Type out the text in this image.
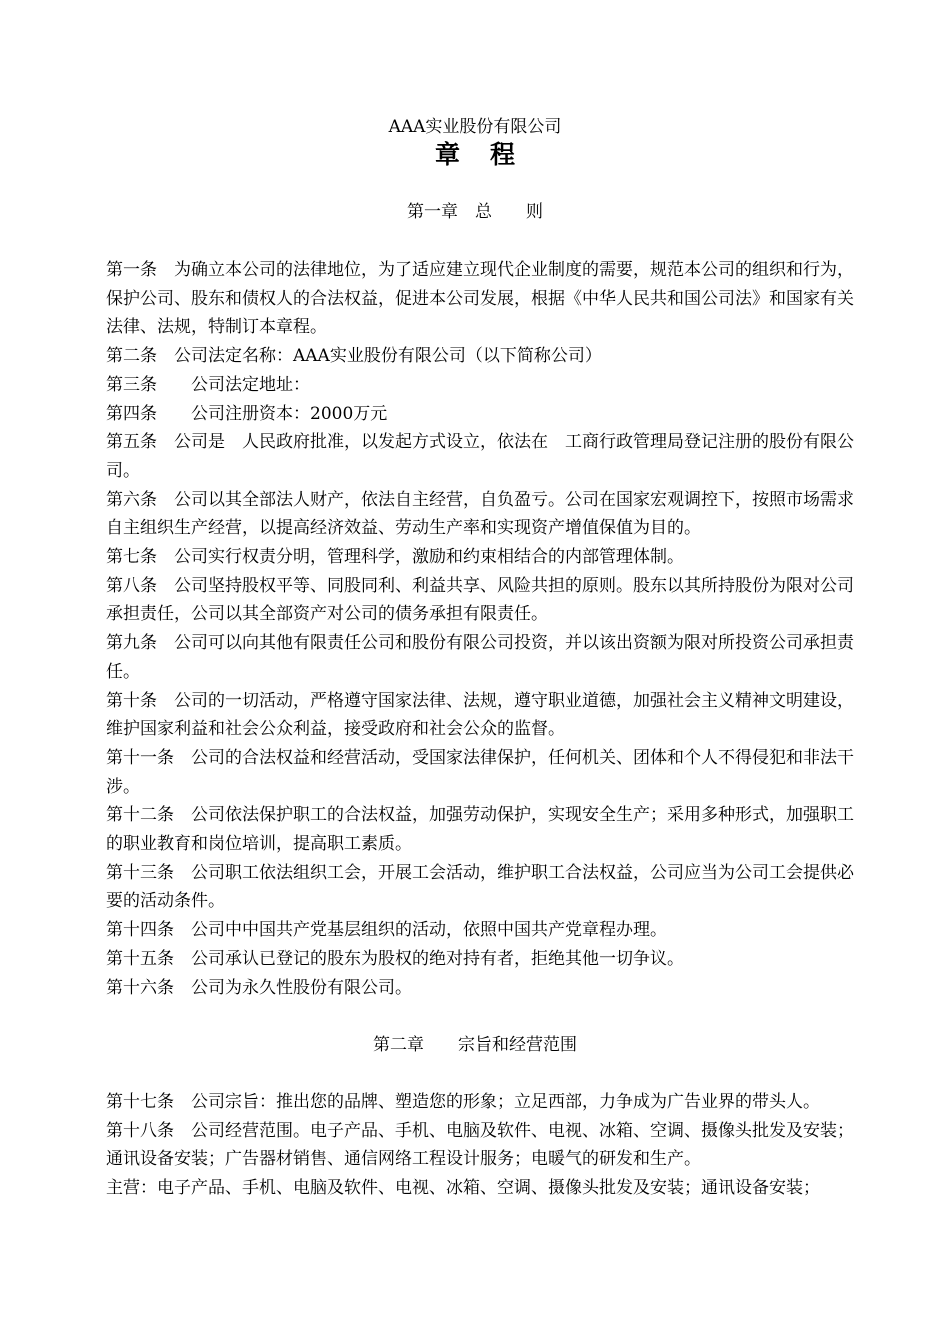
AAA实业股份有限公司
章程
第一章　总　　则

第一条　为确立本公司的法律地位，为了适应建立现代企业制度的需要，规范本公司的组织和行为，保护公司、股东和债权人的合法权益，促进本公司发展，根据《中华人民共和国公司法》和国家有关法律、法规，特制订本章程。

第二条　公司法定名称：AAA实业股份有限公司（以下简称公司）

第三条　　公司法定地址：

第四条　　公司注册资本：2000万元

第五条　公司是　人民政府批准，以发起方式设立，依法在　工商行政管理局登记注册的股份有限公司。

第六条　公司以其全部法人财产，依法自主经营，自负盈亏。公司在国家宏观调控下，按照市场需求自主组织生产经营，以提高经济效益、劳动生产率和实现资产增值保值为目的。

第七条　公司实行权责分明，管理科学，激励和约束相结合的内部管理体制。

第八条　公司坚持股权平等、同股同利、利益共享、风险共担的原则。股东以其所持股份为限对公司承担责任，公司以其全部资产对公司的债务承担有限责任。

第九条　公司可以向其他有限责任公司和股份有限公司投资，并以该出资额为限对所投资公司承担责任。

第十条　公司的一切活动，严格遵守国家法律、法规，遵守职业道德，加强社会主义精神文明建设，维护国家利益和社会公众利益，接受政府和社会公众的监督。

第十一条　公司的合法权益和经营活动，受国家法律保护，任何机关、团体和个人不得侵犯和非法干涉。

第十二条　公司依法保护职工的合法权益，加强劳动保护，实现安全生产；采用多种形式，加强职工的职业教育和岗位培训，提高职工素质。

第十三条　公司职工依法组织工会，开展工会活动，维护职工合法权益，公司应当为公司工会提供必要的活动条件。

第十四条　公司中中国共产党基层组织的活动，依照中国共产党章程办理。

第十五条　公司承认已登记的股东为股权的绝对持有者，拒绝其他一切争议。

第十六条　公司为永久性股份有限公司。

第二章　　宗旨和经营范围

第十七条　公司宗旨：推出您的品牌、塑造您的形象；立足西部，力争成为广告业界的带头人。

第十八条　公司经营范围。电子产品、手机、电脑及软件、电视、冰箱、空调、摄像头批发及安装；通讯设备安装；广告器材销售、通信网络工程设计服务；电暖气的研发和生产。

主营：电子产品、手机、电脑及软件、电视、冰箱、空调、摄像头批发及安装；通讯设备安装；
